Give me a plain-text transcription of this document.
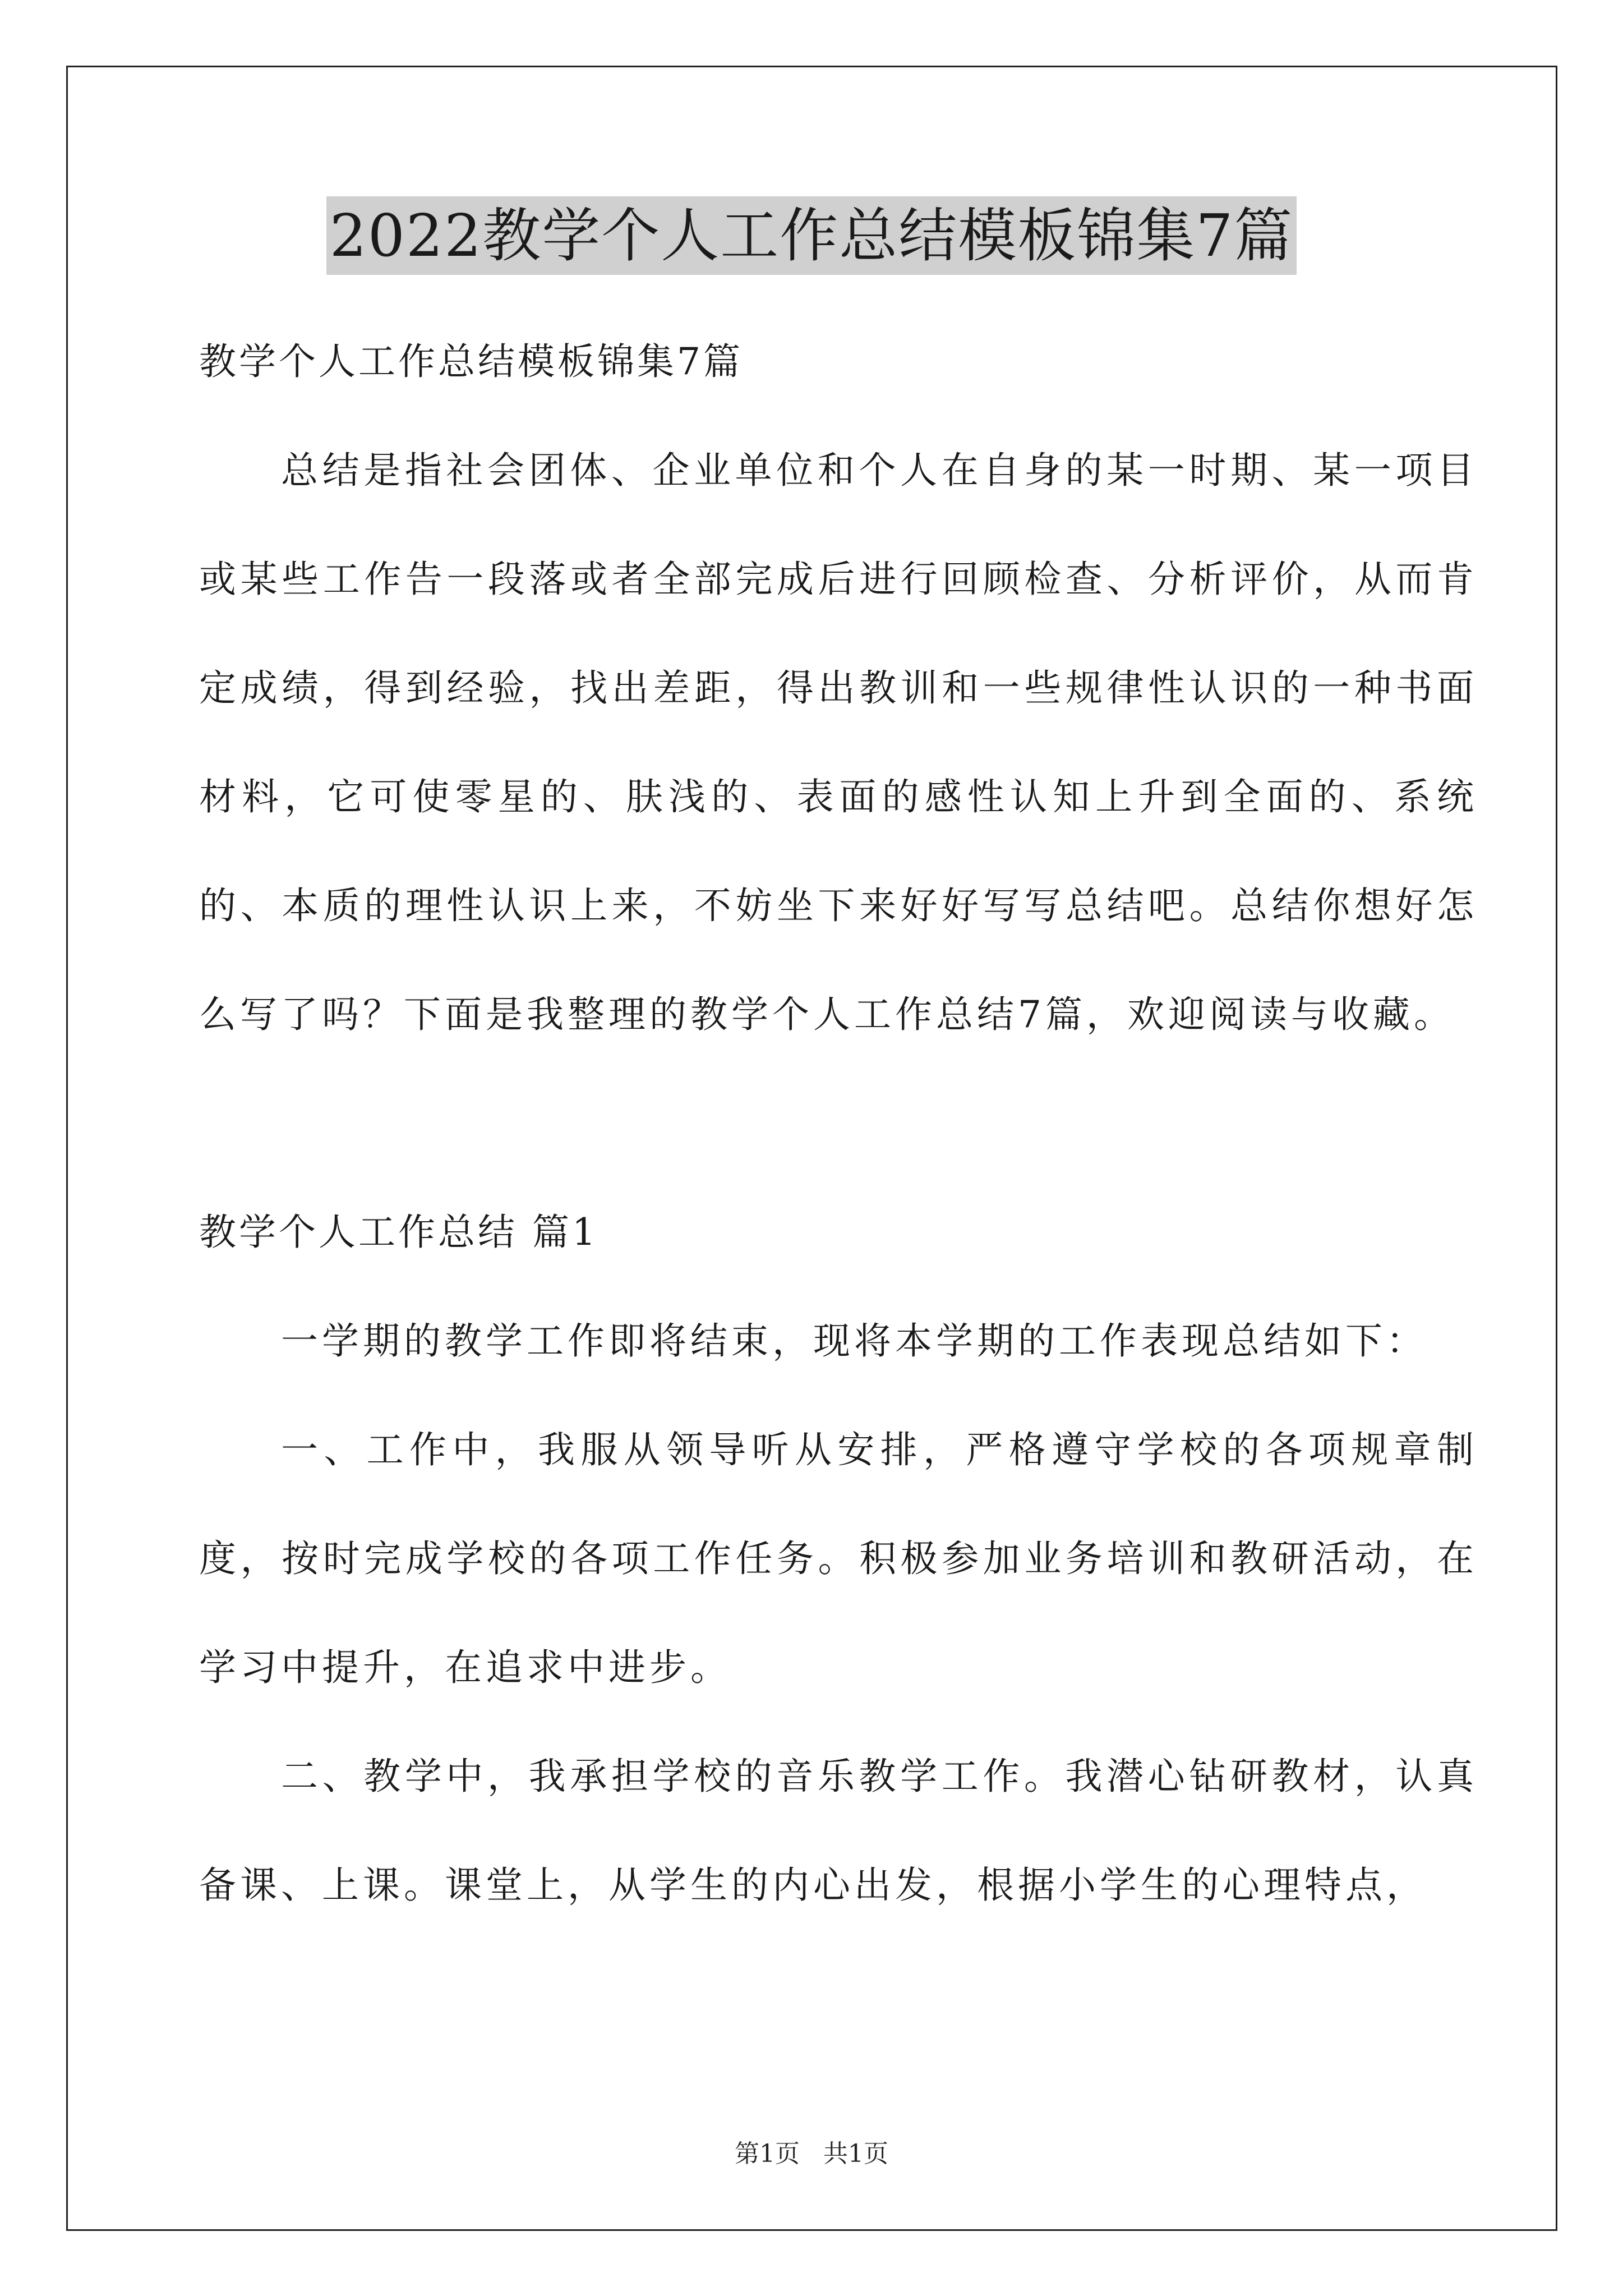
2022教学个人工作总结模板锦集7篇

教学个人工作总结模板锦集7篇

总结是指社会团体、企业单位和个人在自身的某一时期、某一项目或某些工作告一段落或者全部完成后进行回顾检查、分析评价，从而肯定成绩，得到经验，找出差距，得出教训和一些规律性认识的一种书面材料，它可使零星的、肤浅的、表面的感性认知上升到全面的、系统的、本质的理性认识上来，不妨坐下来好好写写总结吧。总结你想好怎么写了吗？下面是我整理的教学个人工作总结7篇，欢迎阅读与收藏。

教学个人工作总结 篇1

一学期的教学工作即将结束，现将本学期的工作表现总结如下：

一、工作中，我服从领导听从安排，严格遵守学校的各项规章制度，按时完成学校的各项工作任务。积极参加业务培训和教研活动，在学习中提升，在追求中进步。

二、教学中，我承担学校的音乐教学工作。我潜心钻研教材，认真备课、上课。课堂上，从学生的内心出发，根据小学生的心理特点，

第1页   共1页
